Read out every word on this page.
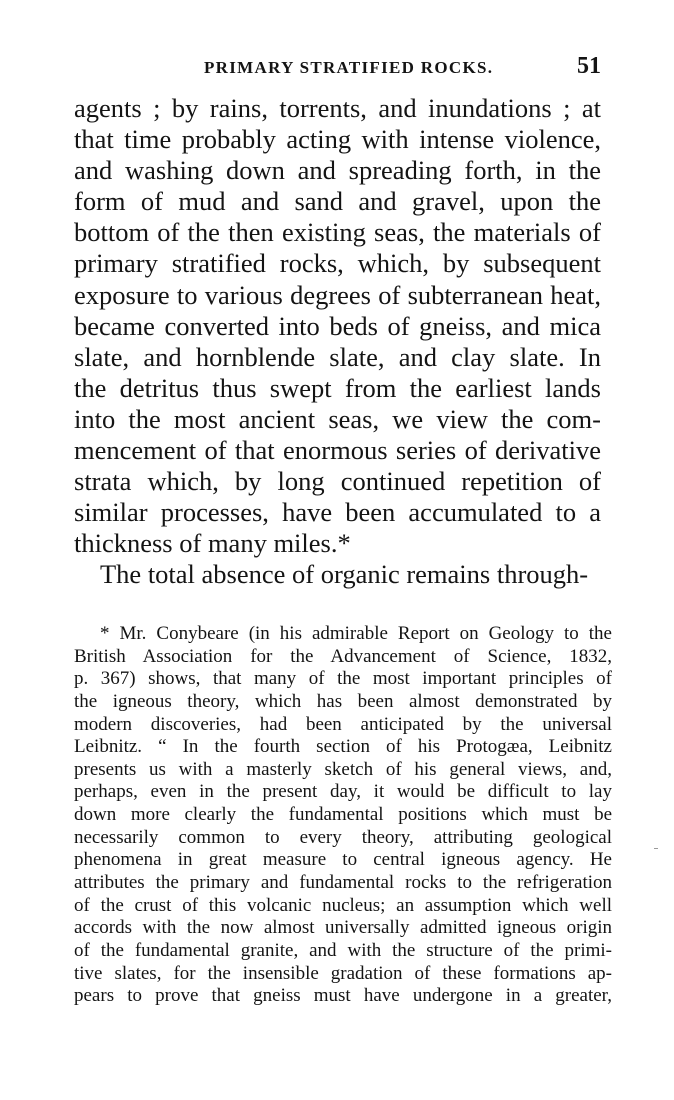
PRIMARY STRATIFIED ROCKS.	51
agents ; by rains, torrents, and inundations ; at
that time probably acting with intense violence,
and washing down and spreading forth, in the
form of mud and sand and gravel, upon the
bottom of the then existing seas, the materials of
primary stratified rocks, which, by subsequent
exposure to various degrees of subterranean heat,
became converted into beds of gneiss, and mica
slate, and hornblende slate, and clay slate. In
the detritus thus swept from the earliest lands
into the most ancient seas, we view the com-
mencement of that enormous series of derivative
strata which, by long continued repetition of
similar processes, have been accumulated to a
thickness of many miles.*
The total absence of organic remains through-
* Mr. Conybeare (in his admirable Report on Geology to the
British Association for the Advancement of Science, 1832,
p. 367) shows, that many of the most important principles of
the igneous theory, which has been almost demonstrated by
modern discoveries, had been anticipated by the universal
Leibnitz. “ In the fourth section of his Protogæa, Leibnitz
presents us with a masterly sketch of his general views, and,
perhaps, even in the present day, it would be difficult to lay
down more clearly the fundamental positions which must be
necessarily common to every theory, attributing geological
phenomena in great measure to central igneous agency. He
attributes the primary and fundamental rocks to the refrigeration
of the crust of this volcanic nucleus; an assumption which well
accords with the now almost universally admitted igneous origin
of the fundamental granite, and with the structure of the primi-
tive slates, for the insensible gradation of these formations ap-
pears to prove that gneiss must have undergone in a greater,
